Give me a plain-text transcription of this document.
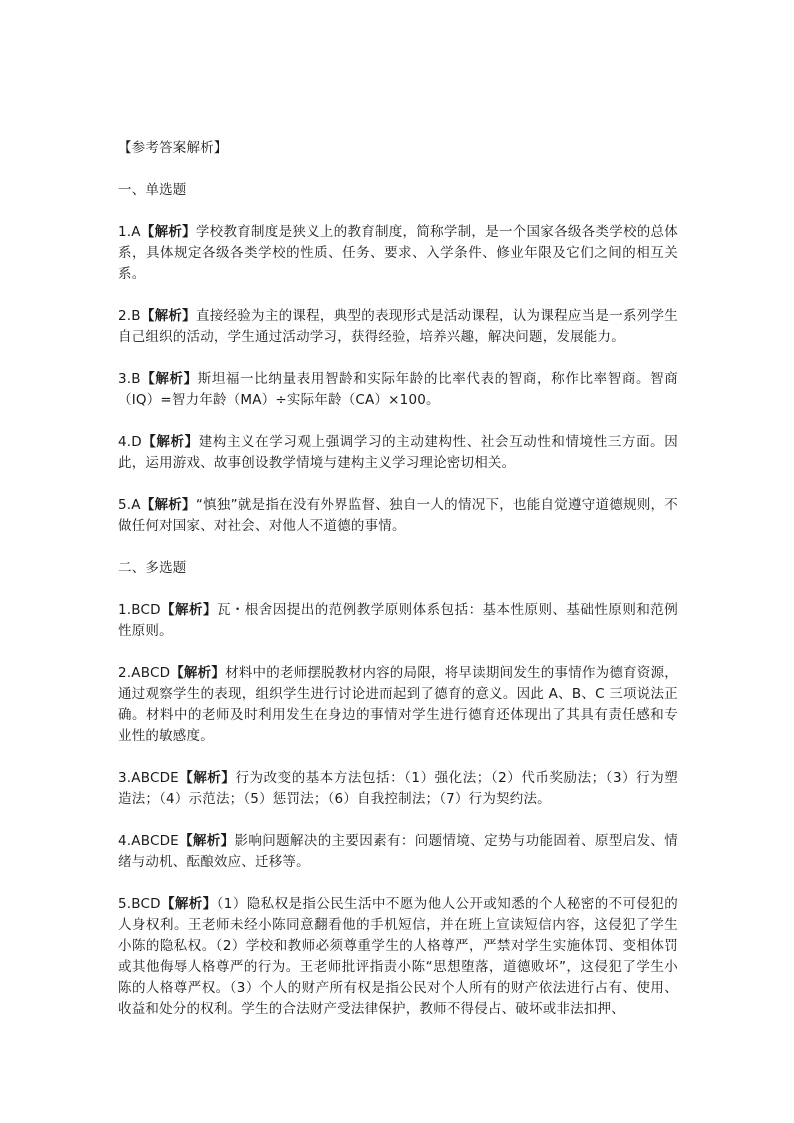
【参考答案解析】
一、单选题
1.A【解析】学校教育制度是狭义上的教育制度，简称学制，是一个国家各级各类学校的总体系，具体规定各级各类学校的性质、任务、要求、入学条件、修业年限及它们之间的相互关系。
2.B【解析】直接经验为主的课程，典型的表现形式是活动课程，认为课程应当是一系列学生自己组织的活动，学生通过活动学习，获得经验，培养兴趣，解决问题，发展能力。
3.B【解析】斯坦福一比纳量表用智龄和实际年龄的比率代表的智商，称作比率智商。智商（IQ）=智力年龄（MA）÷实际年龄（CA）×100。
4.D【解析】建构主义在学习观上强调学习的主动建构性、社会互动性和情境性三方面。因此，运用游戏、故事创设教学情境与建构主义学习理论密切相关。
5.A【解析】“慎独”就是指在没有外界监督、独自一人的情况下，也能自觉遵守道德规则，不做任何对国家、对社会、对他人不道德的事情。
二、多选题
1.BCD【解析】瓦・根舍因提出的范例教学原则体系包括：基本性原则、基础性原则和范例性原则。
2.ABCD【解析】材料中的老师摆脱教材内容的局限，将早读期间发生的事情作为德育资源，通过观察学生的表现，组织学生进行讨论进而起到了德育的意义。因此 A、B、C 三项说法正确。材料中的老师及时利用发生在身边的事情对学生进行德育还体现出了其具有责任感和专业性的敏感度。
3.ABCDE【解析】行为改变的基本方法包括：（1）强化法；（2）代币奖励法；（3）行为塑造法；（4）示范法；（5）惩罚法；（6）自我控制法；（7）行为契约法。
4.ABCDE【解析】影响问题解决的主要因素有：问题情境、定势与功能固着、原型启发、情绪与动机、酝酿效应、迁移等。
5.BCD【解析】（1）隐私权是指公民生活中不愿为他人公开或知悉的个人秘密的不可侵犯的人身权利。王老师未经小陈同意翻看他的手机短信，并在班上宣读短信内容，这侵犯了学生小陈的隐私权。（2）学校和教师必须尊重学生的人格尊严，严禁对学生实施体罚、变相体罚或其他侮辱人格尊严的行为。王老师批评指责小陈“思想堕落，道德败坏”，这侵犯了学生小陈的人格尊严权。（3）个人的财产所有权是指公民对个人所有的财产依法进行占有、使用、收益和处分的权利。学生的合法财产受法律保护，教师不得侵占、破坏或非法扣押、
